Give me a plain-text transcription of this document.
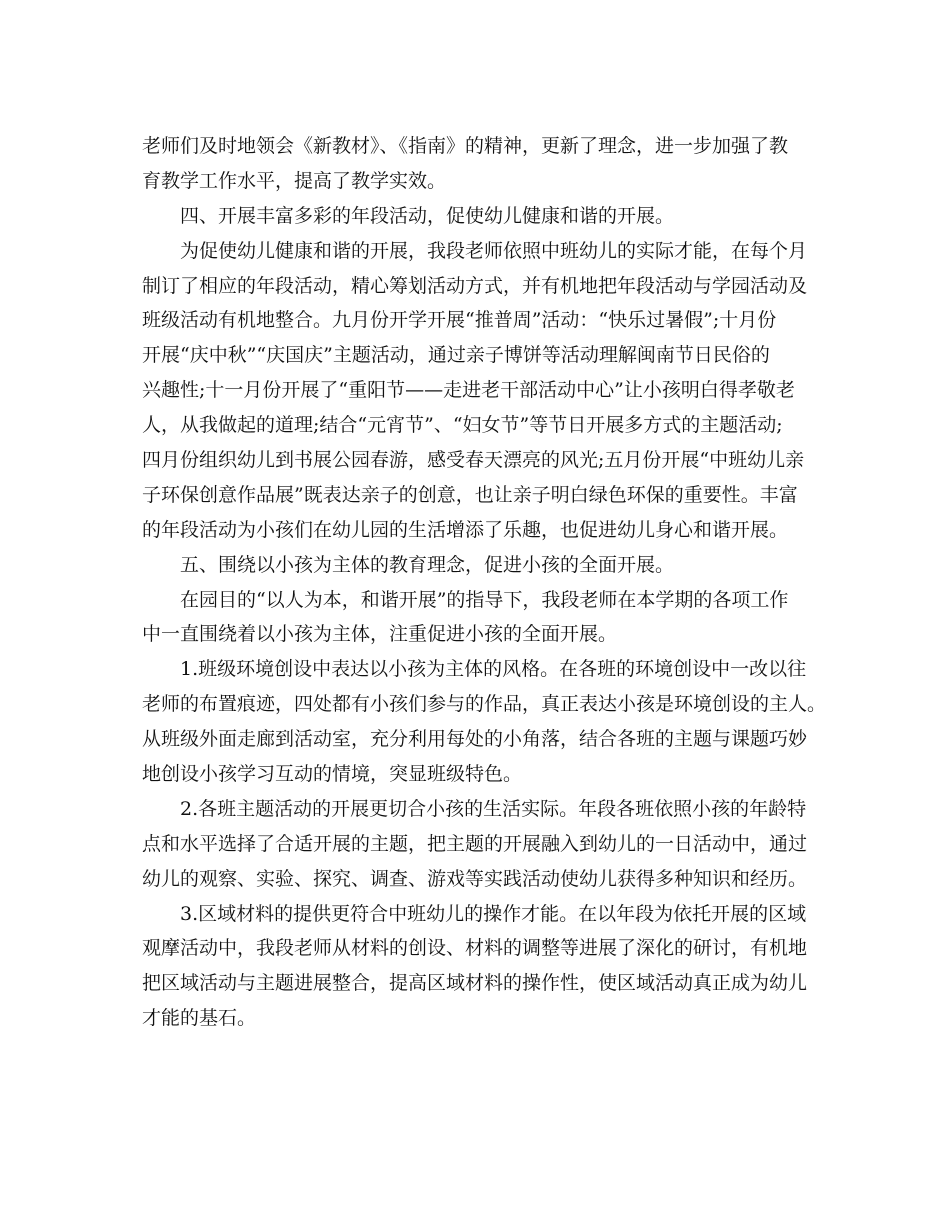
老师们及时地领会《新教材》、《指南》的精神，更新了理念，进一步加强了教
育教学工作水平，提高了教学实效。
四、开展丰富多彩的年段活动，促使幼儿健康和谐的开展。
为促使幼儿健康和谐的开展，我段老师依照中班幼儿的实际才能，在每个月
制订了相应的年段活动，精心筹划活动方式，并有机地把年段活动与学园活动及
班级活动有机地整合。九月份开学开展“推普周”活动：“快乐过暑假”;十月份
开展“庆中秋”“庆国庆”主题活动，通过亲子博饼等活动理解闽南节日民俗的
兴趣性;十一月份开展了“重阳节——走进老干部活动中心”让小孩明白得孝敬老
人，从我做起的道理;结合“元宵节”、“妇女节”等节日开展多方式的主题活动;
四月份组织幼儿到书展公园春游，感受春天漂亮的风光;五月份开展“中班幼儿亲
子环保创意作品展”既表达亲子的创意，也让亲子明白绿色环保的重要性。丰富
的年段活动为小孩们在幼儿园的生活增添了乐趣，也促进幼儿身心和谐开展。
五、围绕以小孩为主体的教育理念，促进小孩的全面开展。
在园目的“以人为本，和谐开展”的指导下，我段老师在本学期的各项工作
中一直围绕着以小孩为主体，注重促进小孩的全面开展。
1.班级环境创设中表达以小孩为主体的风格。在各班的环境创设中一改以往
老师的布置痕迹，四处都有小孩们参与的作品，真正表达小孩是环境创设的主人。
从班级外面走廊到活动室，充分利用每处的小角落，结合各班的主题与课题巧妙
地创设小孩学习互动的情境，突显班级特色。
2.各班主题活动的开展更切合小孩的生活实际。年段各班依照小孩的年龄特
点和水平选择了合适开展的主题，把主题的开展融入到幼儿的一日活动中，通过
幼儿的观察、实验、探究、调查、游戏等实践活动使幼儿获得多种知识和经历。
3.区域材料的提供更符合中班幼儿的操作才能。在以年段为依托开展的区域
观摩活动中，我段老师从材料的创设、材料的调整等进展了深化的研讨，有机地
把区域活动与主题进展整合，提高区域材料的操作性，使区域活动真正成为幼儿
才能的基石。
